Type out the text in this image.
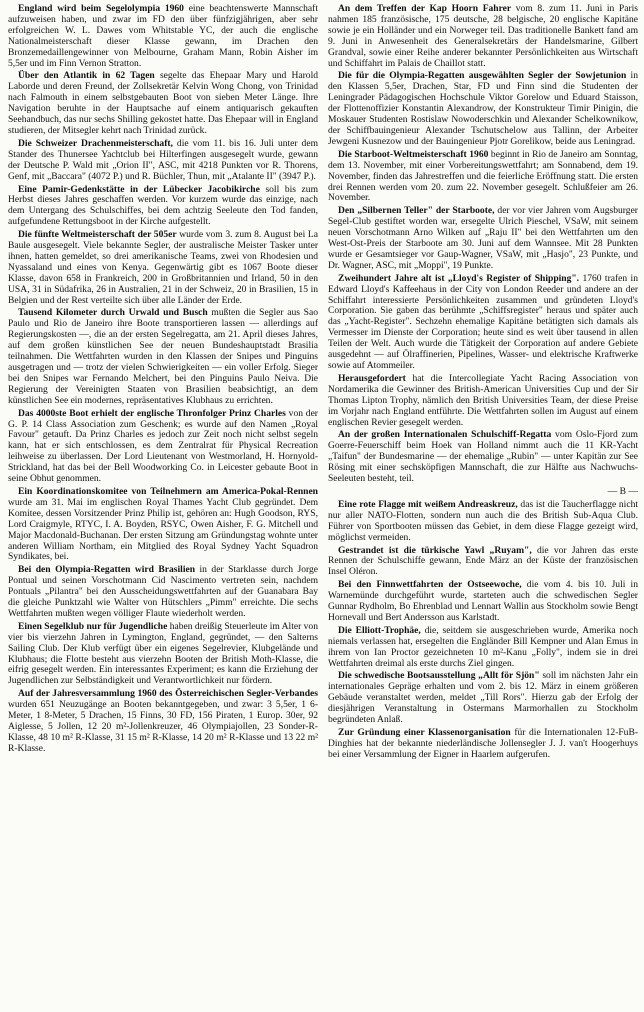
England wird beim Segelolympia 1960 eine beachtenswerte Mannschaft aufzuweisen haben, und zwar im FD den über fünfzigjährigen, aber sehr erfolgreichen W. L. Dawes vom Whitstable YC, der auch die englische Nationalmeisterschaft dieser Klasse gewann, im Drachen den Bronzemedaillengewinner von Melbourne, Graham Mann, Robin Aisher im 5,5er und im Finn Vernon Stratton.

Über den Atlantik in 62 Tagen segelte das Ehepaar Mary und Harold Laborde und deren Freund, der Zollsekretär Kelvin Wong Chong, von Trinidad nach Falmouth in einem selbstgebauten Boot von sieben Meter Länge. Ihre Navigation beruhte in der Hauptsache auf einem antiquarisch gekauften Seehandbuch, das nur sechs Shilling gekostet hatte. Das Ehepaar will in England studieren, der Mitsegler kehrt nach Trinidad zurück.

Die Schweizer Drachenmeisterschaft, die vom 11. bis 16. Juli unter dem Stander des Thunersee Yachtclub bei Hilterfingen ausgesegelt wurde, gewann der Deutsche P. Wald mit „Orion II", ASC, mit 4218 Punkten vor R. Thorens, Genf, mit „Baccara" (4072 P.) und R. Büchler, Thun, mit „Atalante II" (3947 P.).

Eine Pamir-Gedenkstätte in der Lübecker Jacobikirche soll bis zum Herbst dieses Jahres geschaffen werden. Vor kurzem wurde das einzige, nach dem Untergang des Schulschiffes, bei dem achtzig Seeleute den Tod fanden, aufgefundene Rettungsboot in der Kirche aufgestellt.

Die fünfte Weltmeisterschaft der 505er wurde vom 3. zum 8. August bei La Baule ausgesegelt. Viele bekannte Segler, der australische Meister Tasker unter ihnen, hatten gemeldet, so drei amerikanische Teams, zwei von Rhodesien und Nyassaland und eines von Kenya. Gegenwärtig gibt es 1067 Boote dieser Klasse, davon 658 in Frankreich, 200 in Großbritannien und Irland, 50 in den USA, 31 in Südafrika, 26 in Australien, 21 in der Schweiz, 20 in Brasilien, 15 in Belgien und der Rest verteilte sich über alle Länder der Erde.

Tausend Kilometer durch Urwald und Busch mußten die Segler aus Sao Paulo und Rio de Janeiro ihre Boote transportieren lassen — allerdings auf Regierungskosten —, die an der ersten Segelregatta, am 21. April dieses Jahres, auf dem großen künstlichen See der neuen Bundeshauptstadt Brasilia teilnahmen. Die Wettfahrten wurden in den Klassen der Snipes und Pinguins ausgetragen und — trotz der vielen Schwierigkeiten — ein voller Erfolg. Sieger bei den Snipes war Fernando Melchert, bei den Pinguins Paulo Neiva. Die Regierung der Vereinigten Staaten von Brasilien beabsichtigt, an dem künstlichen See ein modernes, repräsentatives Klubhaus zu errichten.

Das 4000ste Boot erhielt der englische Thronfolger Prinz Charles von der G. P. 14 Class Association zum Geschenk; es wurde auf den Namen „Royal Favour" getauft. Da Prinz Charles es jedoch zur Zeit noch nicht selbst segeln kann, hat er sich entschlossen, es dem Zentralrat für Physical Recreation leihweise zu überlassen. Der Lord Lieutenant von Westmorland, H. Hornyold-Strickland, hat das bei der Bell Woodworking Co. in Leicester gebaute Boot in seine Obhut genommen.

Ein Koordinationskomitee von Teilnehmern am America-Pokal-Rennen wurde am 31. Mai im englischen Royal Thames Yacht Club gegründet. Dem Komitee, dessen Vorsitzender Prinz Philip ist, gehören an: Hugh Goodson, RYS, Lord Craigmyle, RTYC, I. A. Boyden, RSYC, Owen Aisher, F. G. Mitchell und Major Macdonald-Buchanan. Der ersten Sitzung am Gründungstag wohnte unter anderen William Northam, ein Mitglied des Royal Sydney Yacht Squadron Syndikates, bei.

Bei den Olympia-Regatten wird Brasilien in der Starklasse durch Jorge Pontual und seinen Vorschotmann Cid Nascimento vertreten sein, nachdem Pontuals „Pilantra" bei den Ausscheidungswettfahrten auf der Guanabara Bay die gleiche Punktzahl wie Walter von Hütschlers „Pimm" erreichte. Die sechs Wettfahrten mußten wegen völliger Flaute wiederholt werden.

Einen Segelklub nur für Jugendliche haben dreißig Steuerleute im Alter von vier bis vierzehn Jahren in Lymington, England, gegründet, — den Salterns Sailing Club. Der Klub verfügt über ein eigenes Segelrevier, Klubgelände und Klubhaus; die Flotte besteht aus vierzehn Booten der British Moth-Klasse, die eifrig gesegelt werden. Ein interessantes Experiment; es kann die Erziehung der Jugendlichen zur Selbständigkeit und Verantwortlichkeit nur fördern.

Auf der Jahresversammlung 1960 des Österreichischen Segler-Verbandes wurden 651 Neuzugänge an Booten bekanntgegeben, und zwar: 3 5,5er, 1 6-Meter, 1 8-Meter, 5 Drachen, 15 Finns, 30 FD, 156 Piraten, 1 Europ. 30er, 92 Aiglesse, 5 Jollen, 12 20 m²-Jollenkreuzer, 46 Olympiajollen, 23 Sonder-R-Klasse, 48 10 m² R-Klasse, 31 15 m² R-Klasse, 14 20 m² R-Klasse und 13 22 m² R-Klasse.

An dem Treffen der Kap Hoorn Fahrer vom 8. zum 11. Juni in Paris nahmen 185 französische, 175 deutsche, 28 belgische, 20 englische Kapitäne sowie je ein Holländer und ein Norweger teil. Das traditionelle Bankett fand am 9. Juni in Anwesenheit des Generalsekretärs der Handelsmarine, Gilbert Grandval, sowie einer Reihe anderer bekannter Persönlichkeiten aus Wirtschaft und Schiffahrt im Palais de Chaillot statt.

Die für die Olympia-Regatten ausgewählten Segler der Sowjetunion in den Klassen 5,5er, Drachen, Star, FD und Finn sind die Studenten der Leningrader Pädagogischen Hochschule Viktor Gorelow und Eduard Staisson, der Flottenoffizier Konstantin Alexandrow, der Konstrukteur Timir Pinigin, die Moskauer Studenten Rostislaw Nowoderschkin und Alexander Schelkownikow, der Schiffbauingenieur Alexander Tschutschelow aus Tallinn, der Arbeiter Jewgeni Kusnezow und der Bauingenieur Pjotr Gorelikow, beide aus Leningrad.

Die Starboot-Weltmeisterschaft 1960 beginnt in Rio de Janeiro am Sonntag, dem 13. November, mit einer Vorbereitungswettfahrt; am Sonnabend, dem 19. November, finden das Jahrestreffen und die feierliche Eröffnung statt. Die ersten drei Rennen werden vom 20. zum 22. November gesegelt. Schlußfeier am 26. November.

Den „Silbernen Teller" der Starboote, der vor vier Jahren vom Augsburger Segel-Club gestiftet worden war, ersegelte Ulrich Pieschel, VSaW, mit seinem neuen Vorschotmann Arno Wilken auf „Raju II" bei den Wettfahrten um den West-Ost-Preis der Starboote am 30. Juni auf dem Wannsee. Mit 28 Punkten wurde er Gesamtsieger vor Gaup-Wagner, VSaW, mit „Hasjo", 23 Punkte, und Dr. Wagner, ASC, mit „Moppi", 19 Punkte.

Zweihundert Jahre alt ist „Lloyd's Register of Shipping". 1760 trafen in Edward Lloyd's Kaffeehaus in der City von London Reeder und andere an der Schiffahrt interessierte Persönlichkeiten zusammen und gründeten Lloyd's Corporation. Sie gaben das berühmte „Schiffsregister" heraus und später auch das „Yacht-Register". Sechzehn ehemalige Kapitäne betätigten sich damals als Vermesser im Dienste der Corporation; heute sind es weit über tausend in allen Teilen der Welt. Auch wurde die Tätigkeit der Corporation auf andere Gebiete ausgedehnt — auf Ölraffinerien, Pipelines, Wasser- und elektrische Kraftwerke sowie auf Atommeiler.

Herausgefordert hat die Intercollegiate Yacht Racing Association von Nordamerika die Gewinner des British-American Universities Cup und der Sir Thomas Lipton Trophy, nämlich den British Universities Team, der diese Preise im Vorjahr nach England entführte. Die Wettfahrten sollen im August auf einem englischen Revier gesegelt werden.

An der großen Internationalen Schulschiff-Regatta vom Oslo-Fjord zum Goerre-Feuerschiff beim Hoek van Holland nimmt auch die 11 KR-Yacht „Taifun" der Bundesmarine — der ehemalige „Rubin" — unter Kapitän zur See Rösing mit einer sechsköpfigen Mannschaft, die zur Hälfte aus Nachwuchs-Seeleuten besteht, teil.

— B —

Eine rote Flagge mit weißem Andreaskreuz, das ist die Taucherflagge nicht nur aller NATO-Flotten, sondern nun auch die des British Sub-Aqua Club. Führer von Sportbooten müssen das Gebiet, in dem diese Flagge gezeigt wird, möglichst vermeiden.

Gestrandet ist die türkische Yawl „Ruyam", die vor Jahren das erste Rennen der Schulschiffe gewann, Ende März an der Küste der französischen Insel Oléron.

Bei den Finnwettfahrten der Ostseewoche, die vom 4. bis 10. Juli in Warnemünde durchgeführt wurde, starteten auch die schwedischen Segler Gunnar Rydholm, Bo Ehrenblad und Lennart Wallin aus Stockholm sowie Bengt Hornevall und Bert Andersson aus Karlstadt.

Die Elliott-Trophäe, die, seitdem sie ausgeschrieben wurde, Amerika noch niemals verlassen hat, ersegelten die Engländer Bill Kempner und Alan Emus in ihrem von Ian Proctor gezeichneten 10 m²-Kanu „Folly", indem sie in drei Wettfahrten dreimal als erste durchs Ziel gingen.

Die schwedische Bootsausstellung „Allt för Sjön" soll im nächsten Jahr ein internationales Gepräge erhalten und vom 2. bis 12. März in einem größeren Gebäude veranstaltet werden, meldet „Till Rors". Hierzu gab der Erfolg der diesjährigen Veranstaltung in Ostermans Marmorhallen zu Stockholm begründeten Anlaß.

Zur Gründung einer Klassenorganisation für die Internationalen 12-FuB-Dinghies hat der bekannte niederländische Jollensegler J. J. van't Hoogerhuys bei einer Versammlung der Eigner in Haarlem aufgerufen.
